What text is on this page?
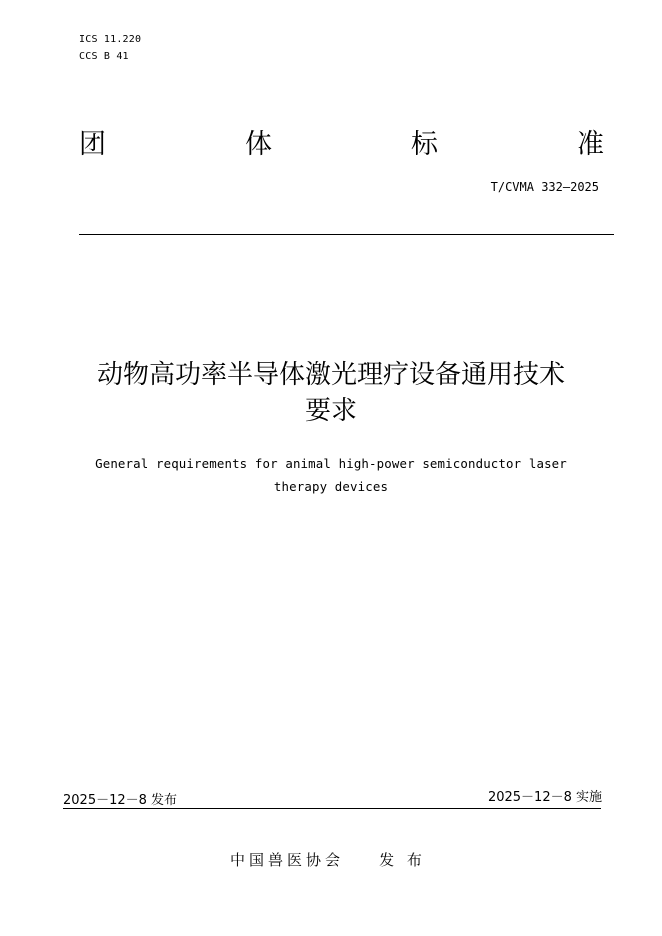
ICS 11.220
CCS B 41
团	体	标	准
T/CVMA 332—2025
动物高功率半导体激光理疗设备通用技术
要求
General requirements for animal high-power semiconductor laser
therapy devices
2025－12－8 发布	2025－12－8 实施
中国兽医协会 发 布
